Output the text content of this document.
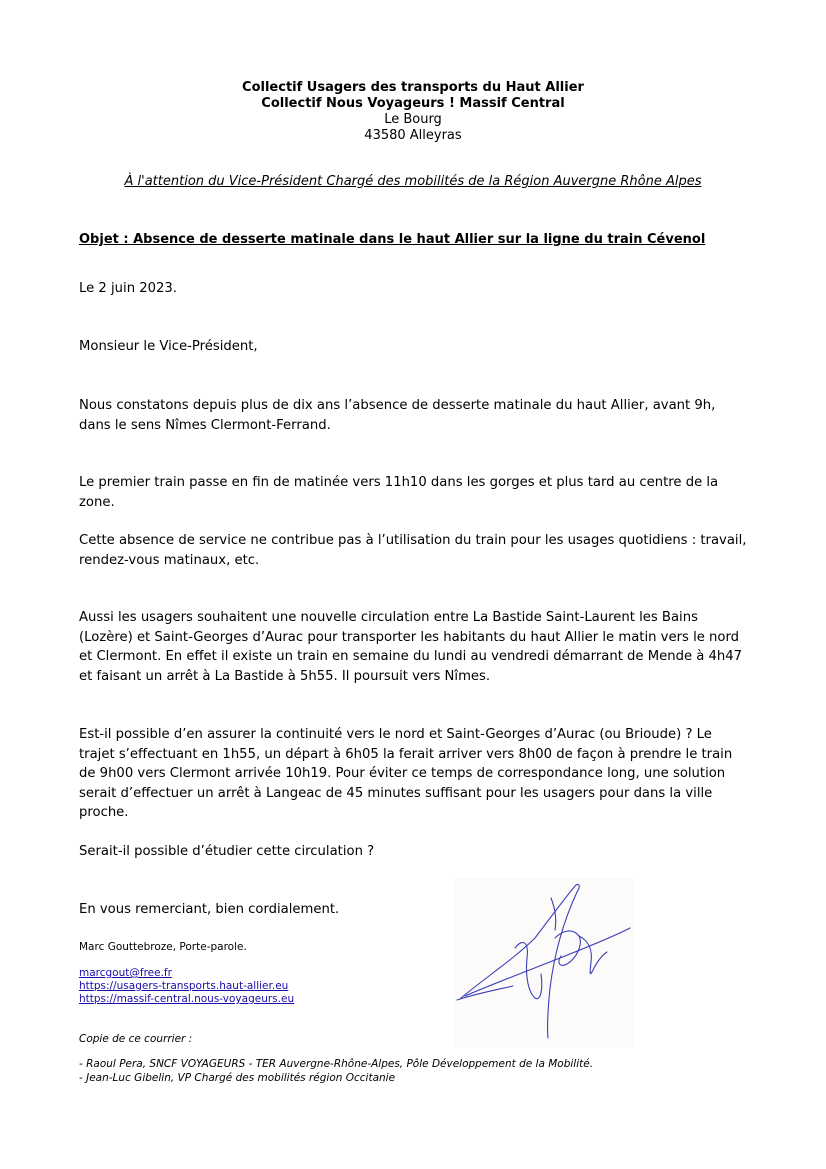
Collectif Usagers des transports du Haut Allier
Collectif Nous Voyageurs ! Massif Central
Le Bourg
43580 Alleyras
À l'attention du Vice-Président Chargé des mobilités de la Région Auvergne Rhône Alpes
Objet : Absence de desserte matinale dans le haut Allier sur la ligne du train Cévenol
Le 2 juin 2023.
Monsieur le Vice-Président,
Nous constatons depuis plus de dix ans l’absence de desserte matinale du haut Allier, avant 9h, dans le sens Nîmes Clermont-Ferrand.
Le premier train passe en fin de matinée vers 11h10 dans les gorges et plus tard au centre de la zone.
Cette absence de service ne contribue pas à l’utilisation du train pour les usages quotidiens : travail, rendez-vous matinaux, etc.
Aussi les usagers souhaitent une nouvelle circulation entre La Bastide Saint-Laurent les Bains (Lozère) et Saint-Georges d’Aurac pour transporter les habitants du haut Allier le matin vers le nord et Clermont. En effet il existe un train en semaine du lundi au vendredi démarrant de Mende à 4h47 et faisant un arrêt à La Bastide à 5h55. Il poursuit vers Nîmes.
Est-il possible d’en assurer la continuité vers le nord et Saint-Georges d’Aurac (ou Brioude) ? Le trajet s’effectuant en 1h55, un départ à 6h05 la ferait arriver vers 8h00 de façon à prendre le train de 9h00 vers Clermont arrivée 10h19. Pour éviter ce temps de correspondance long, une solution serait d’effectuer un arrêt à Langeac de 45 minutes suffisant pour les usagers pour dans la ville proche.
Serait-il possible d’étudier cette circulation ?
En vous remerciant, bien cordialement.
Marc Gouttebroze, Porte-parole.
marcgout@free.fr
https://usagers-transports.haut-allier.eu
https://massif-central.nous-voyageurs.eu
Copie de ce courrier :
- Raoul Pera, SNCF VOYAGEURS - TER Auvergne-Rhône-Alpes, Pôle Développement de la Mobilité.
- Jean-Luc Gibelin, VP Chargé des mobilités région Occitanie
